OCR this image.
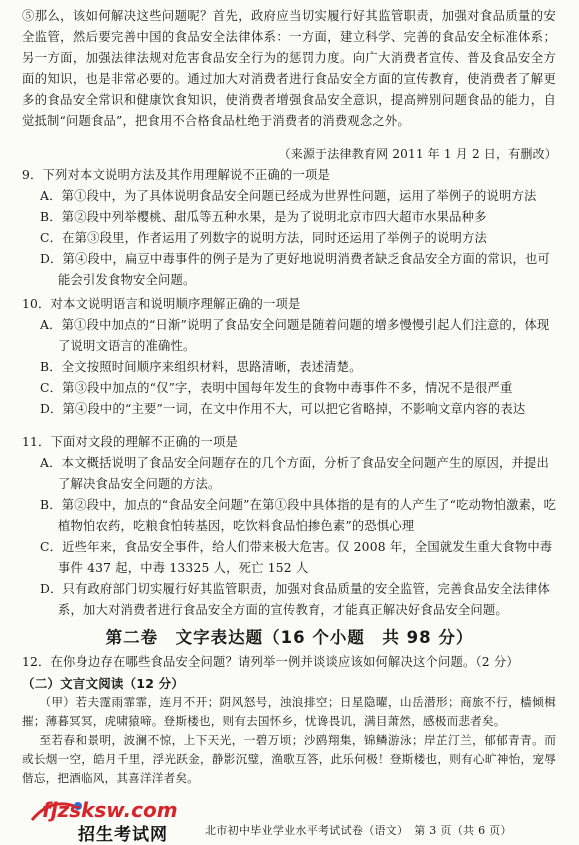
⑤那么，该如何解决这些问题呢？首先，政府应当切实履行好其监管职责，加强对食品质量的安全监管，然后要完善中国的食品安全法律体系：一方面，建立科学、完善的食品安全标准体系；另一方面，加强法律法规对危害食品安全行为的惩罚力度。向广大消费者宣传、普及食品安全方面的知识，也是非常必要的。通过加大对消费者进行食品安全方面的宣传教育，使消费者了解更多的食品安全常识和健康饮食知识，使消费者增强食品安全意识，提高辨别问题食品的能力，自觉抵制“问题食品”，把食用不合格食品杜绝于消费者的消费观念之外。
（来源于法律教育网 2011 年 1 月 2 日，有删改）
9．下列对本文说明方法及其作用理解说不正确的一项是
A．第①段中，为了具体说明食品安全问题已经成为世界性问题，运用了举例子的说明方法
B．第②段中列举樱桃、甜瓜等五种水果，是为了说明北京市四大超市水果品种多
C．在第③段里，作者运用了列数字的说明方法，同时还运用了举例子的说明方法
D．第④段中，扁豆中毒事件的例子是为了更好地说明消费者缺乏食品安全方面的常识，也可能会引发食物安全问题。
10．对本文说明语言和说明顺序理解正确的一项是
A．第①段中加点的“日渐”说明了食品安全问题是随着问题的增多慢慢引起人们注意的，体现了说明文语言的准确性。
B．全文按照时间顺序来组织材料，思路清晰，表述清楚。
C．第③段中加点的“仅”字，表明中国每年发生的食物中毒事件不多，情况不是很严重
D．第④段中的“主要”一词，在文中作用不大，可以把它省略掉，不影响文章内容的表达
11．下面对文段的理解不正确的一项是
A．本文概括说明了食品安全问题存在的几个方面，分析了食品安全问题产生的原因，并提出了解决食品安全问题的方法。
B．第②段中，加点的“食品安全问题”在第①段中具体指的是有的人产生了“吃动物怕激素，吃植物怕农药，吃粮食怕转基因，吃饮料食品怕掺色素”的恐惧心理
C．近些年来，食品安全事件，给人们带来极大危害。仅 2008 年，全国就发生重大食物中毒事件 437 起，中毒 13325 人，死亡 152 人
D．只有政府部门切实履行好其监管职责，加强对食品质量的安全监管，完善食品安全法律体系，加大对消费者进行食品安全方面的宣传教育，才能真正解决好食品安全问题。
第二卷　文字表达题（16 个小题　共 98 分）
12．在你身边存在哪些食品安全问题？请列举一例并谈谈应该如何解决这个问题。（2 分）
（二）文言文阅读（12 分）

（甲）若夫霪雨霏霏，连月不开；阴风怒号，浊浪排空；日星隐曜，山岳潜形；商旅不行，樯倾楫摧；薄暮冥冥，虎啸猿啼。登斯楼也，则有去国怀乡，忧谗畏讥，满目萧然，感极而悲者矣。

至若春和景明，波澜不惊，上下天光，一碧万顷；沙鸥翔集，锦鳞游泳；岸芷汀兰，郁郁青青。而或长烟一空，皓月千里，浮光跃金，静影沉璧，渔歌互答，此乐何极！登斯楼也，则有心旷神怡，宠辱偕忘，把酒临风，其喜洋洋者矣。

fjzsksw.com
招生考试网	北市初中毕业学业水平考试试卷（语文）　第 3 页（共 6 页）
